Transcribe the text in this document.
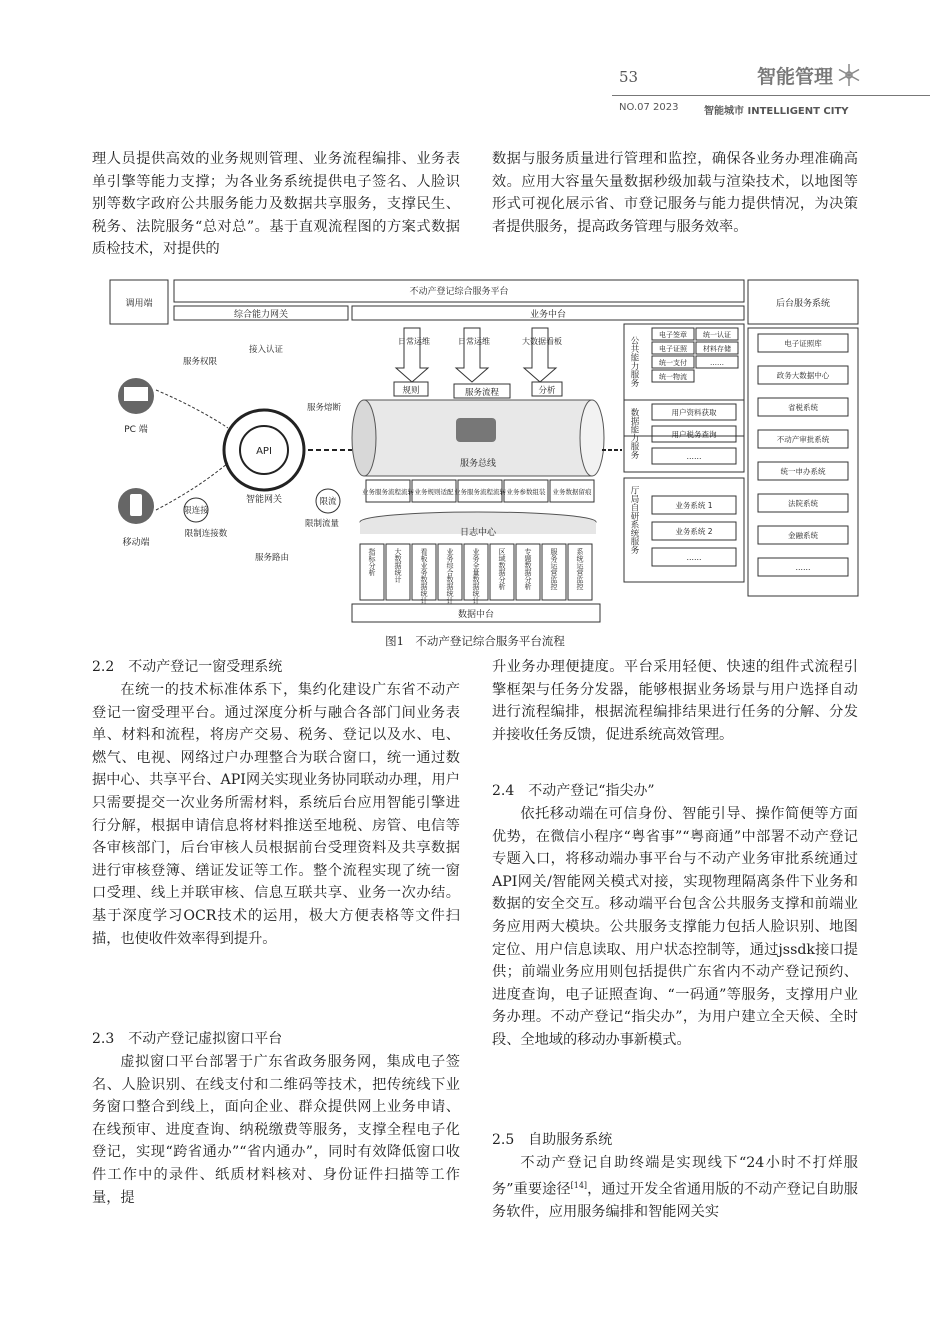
53	智能管理
NO.07 2023	智能城市 INTELLIGENT CITY

理人员提供高效的业务规则管理、业务流程编排、业务表单引擎等能力支撑；为各业务系统提供电子签名、人脸识别等数字政府公共服务能力及数据共享服务，支撑民生、税务、法院服务“总对总”。基于直观流程图的方案式数据质检技术，对提供的

数据与服务质量进行管理和监控，确保各业务办理准确高效。应用大容量矢量数据秒级加载与渲染技术，以地图等形式可视化展示省、市登记服务与能力提供情况，为决策者提供服务，提高政务管理与服务效率。

调用端
不动产登记综合服务平台
综合能力网关	业务中台
后台服务系统
PC 端
移动端
API
智能网关
服务权限
接入认证
服务熔断
限流
限制流量
限连接
限制连接数
服务路由
日常运维	日常运维	大数据看板
规则	服务流程	分析
服务总线
业务服务流程流转 业务规则适配 业务服务流程流转 业务参数组装 业务数据留痕
日志中心
指标分析	大数据统计	看板业务数据统计	业务综合数据统计	业务全量数据统计	区域数据分析	专题数据分析	服务运营监控	系统运营监控
数据中台
公共能力服务
电子签章 统一认证
电子证照 材料存储
统一支付	……
统一物流
数据能力服务	用户资料获取
用户税务查询
……
厅局自研系统服务	业务系统 1
业务系统 2
……
电子证照库
政务大数据中心
省税系统
不动产审批系统
统一申办系统
法院系统
金融系统
……
图1　不动产登记综合服务平台流程
2.2　不动产登记一窗受理系统

在统一的技术标准体系下，集约化建设广东省不动产登记一窗受理平台。通过深度分析与融合各部门间业务表单、材料和流程，将房产交易、税务、登记以及水、电、燃气、电视、网络过户办理整合为联合窗口，统一通过数据中心、共享平台、API网关实现业务协同联动办理，用户只需要提交一次业务所需材料，系统后台应用智能引擎进行分解，根据申请信息将材料推送至地税、房管、电信等各审核部门，后台审核人员根据前台受理资料及共享数据进行审核登簿、缮证发证等工作。整个流程实现了统一窗口受理、线上并联审核、信息互联共享、业务一次办结。基于深度学习OCR技术的运用，极大方便表格等文件扫描，也使收件效率得到提升。

2.3　不动产登记虚拟窗口平台

虚拟窗口平台部署于广东省政务服务网，集成电子签名、人脸识别、在线支付和二维码等技术，把传统线下业务窗口整合到线上，面向企业、群众提供网上业务申请、在线预审、进度查询、纳税缴费等服务，支撑全程电子化登记，实现“跨省通办”“省内通办”，同时有效降低窗口收件工作中的录件、纸质材料核对、身份证件扫描等工作量，提

升业务办理便捷度。平台采用轻便、快速的组件式流程引擎框架与任务分发器，能够根据业务场景与用户选择自动进行流程编排，根据流程编排结果进行任务的分解、分发并接收任务反馈，促进系统高效管理。

2.4　不动产登记“指尖办”

依托移动端在可信身份、智能引导、操作简便等方面优势，在微信小程序“粤省事”“粤商通”中部署不动产登记专题入口，将移动端办事平台与不动产业务审批系统通过API网关/智能网关模式对接，实现物理隔离条件下业务和数据的安全交互。移动端平台包含公共服务支撑和前端业务应用两大模块。公共服务支撑能力包括人脸识别、地图定位、用户信息读取、用户状态控制等，通过jssdk接口提供；前端业务应用则包括提供广东省内不动产登记预约、进度查询，电子证照查询、“一码通”等服务，支撑用户业务办理。不动产登记“指尖办”，为用户建立全天候、全时段、全地域的移动办事新模式。

2.5　自助服务系统

不动产登记自助终端是实现线下“24小时不打烊服务”重要途径[14]，通过开发全省通用版的不动产登记自助服务软件，应用服务编排和智能网关实
